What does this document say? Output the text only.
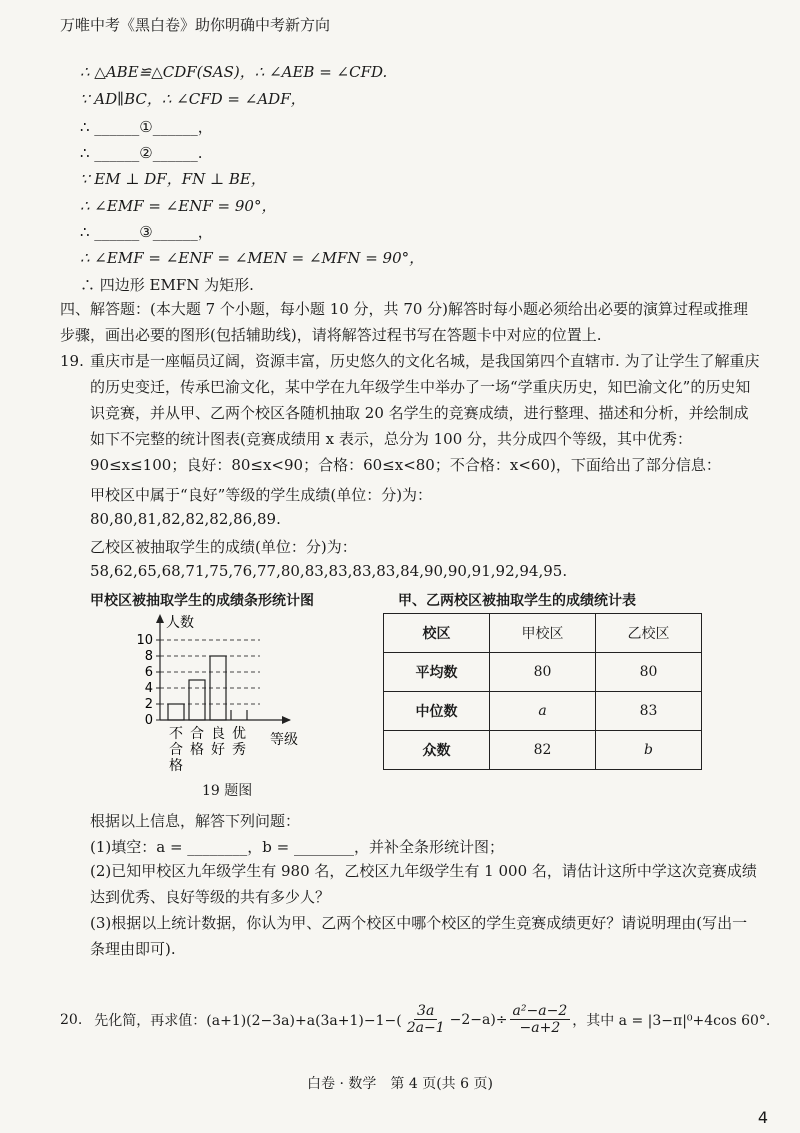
万唯中考《黑白卷》助你明确中考新方向
∴ △ABE≌△CDF(SAS)，∴ ∠AEB = ∠CFD.
∵ AD∥BC，∴ ∠CFD = ∠ADF，
∴ ______①______，
∴ ______②______.
∵ EM ⊥ DF，FN ⊥ BE，
∴ ∠EMF = ∠ENF = 90°，
∴ ______③______，
∴ ∠EMF = ∠ENF = ∠MEN = ∠MFN = 90°，
∴ 四边形 EMFN 为矩形.
四、解答题：(本大题 7 个小题，每小题 10 分，共 70 分)解答时每小题必须给出必要的演算过程或推理步骤，画出必要的图形(包括辅助线)，请将解答过程书写在答题卡中对应的位置上.
19. 重庆市是一座幅员辽阔，资源丰富，历史悠久的文化名城，是我国第四个直辖市. 为了让学生了解重庆的历史变迁，传承巴渝文化，某中学在九年级学生中举办了一场“学重庆历史，知巴渝文化”的历史知识竞赛，并从甲、乙两个校区各随机抽取 20 名学生的竞赛成绩，进行整理、描述和分析，并绘制成如下不完整的统计图表(竞赛成绩用 x 表示，总分为 100 分，共分成四个等级，其中优秀：90≤x≤100；良好：80≤x<90；合格：60≤x<80；不合格：x<60)，下面给出了部分信息：
甲校区中属于“良好”等级的学生成绩(单位：分)为：
80,80,81,82,82,82,86,89.
乙校区被抽取学生的成绩(单位：分)为：
58,62,65,68,71,75,76,77,80,83,83,83,83,84,90,90,91,92,94,95.
甲校区被抽取学生的成绩条形统计图	甲、乙两校区被抽取学生的成绩统计表
0
2
4
6
8
10
人数
等级
不合格
合格
良好
优秀
19 题图
校区	甲校区	乙校区
平均数	80	80
中位数	a	83
众数	82	b
根据以上信息，解答下列问题：
(1)填空：a = ________，b = ________，并补全条形统计图；
(2)已知甲校区九年级学生有 980 名，乙校区九年级学生有 1 000 名，请估计这所中学这次竞赛成绩达到优秀、良好等级的共有多少人？
(3)根据以上统计数据，你认为甲、乙两个校区中哪个校区的学生竞赛成绩更好？请说明理由(写出一条理由即可).
20. 先化简，再求值：$(a+1)(2-3a)+a(3a+1)-1-( \frac{3a}{2a-1} -2-a)\div \frac{\text{a²−a−2}}{-a+2}$ ，其中 a = |3−π|⁰+4cos 60°.
白卷 · 数学　第 4 页(共 6 页)
4
